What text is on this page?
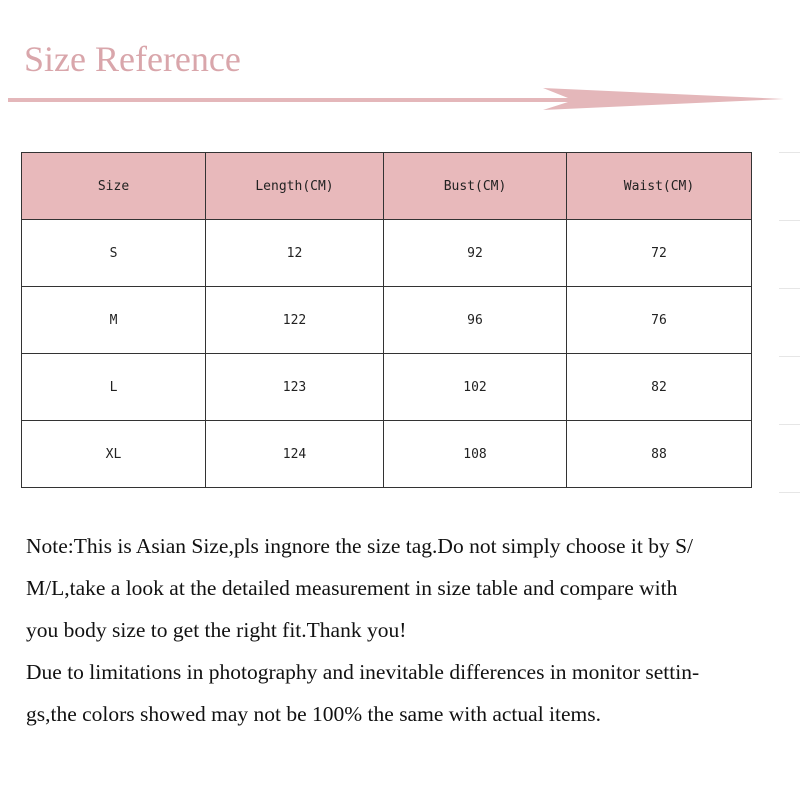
Size Reference
Size	Length(CM)	Bust(CM)	Waist(CM)
S	12	92	72
M	122	96	76
L	123	102	82
XL	124	108	88

Note:This is Asian Size,pls ingnore the size tag.Do not simply choose it by S/

M/L,take a look at the detailed measurement in size table and compare with

you body size to get the right fit.Thank you!

Due to limitations in photography and inevitable differences in monitor settin-

gs,the colors showed may not be 100% the same with actual items.
